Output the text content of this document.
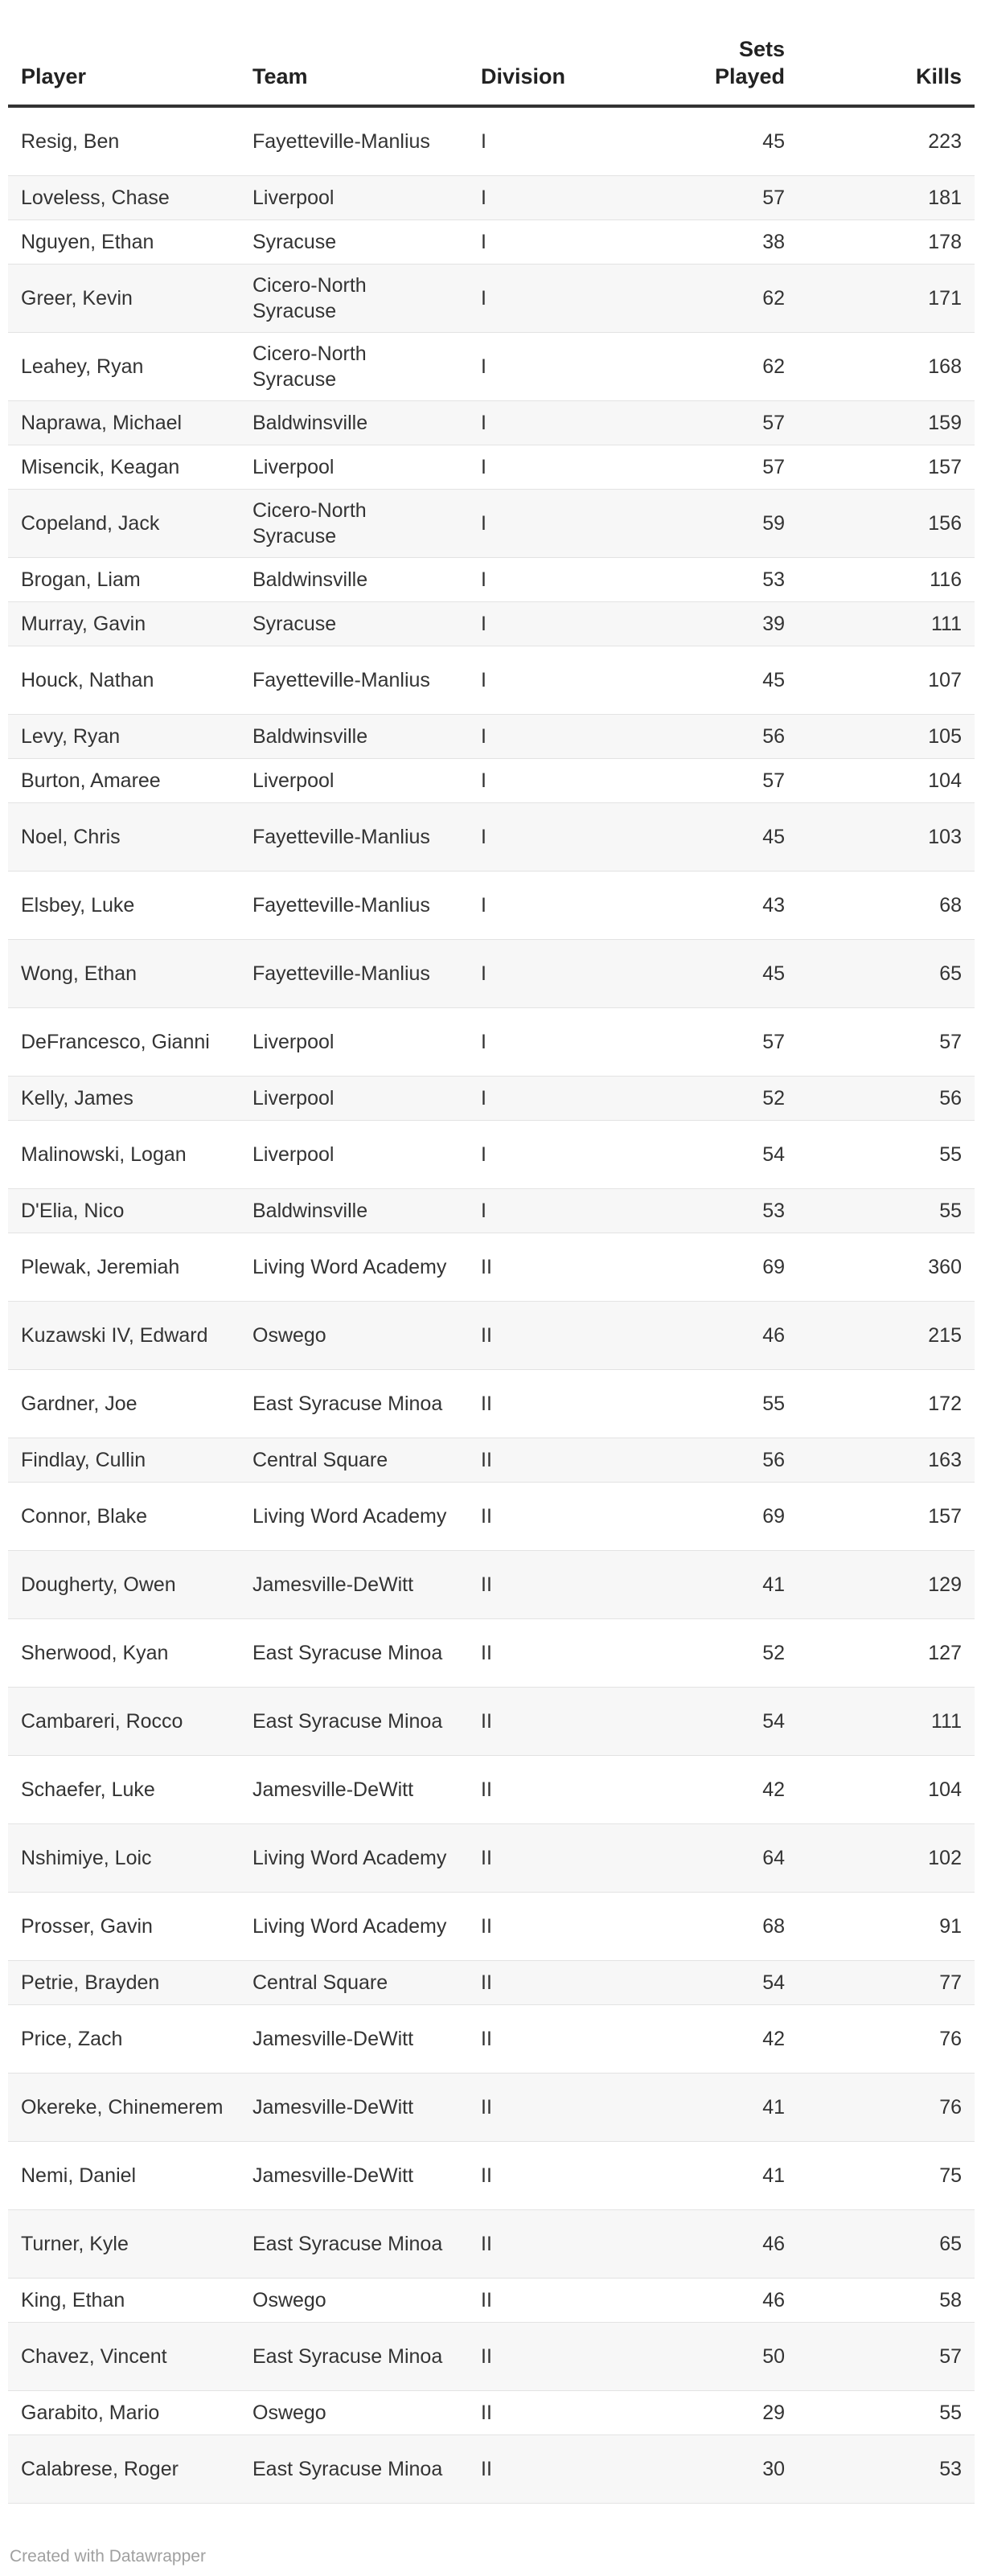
Player	Team	Division	Sets Played	Kills
Resig, Ben	Fayetteville-Manlius	I	45	223
Loveless, Chase	Liverpool	I	57	181
Nguyen, Ethan	Syracuse	I	38	178
Greer, Kevin	Cicero-North Syracuse	I	62	171
Leahey, Ryan	Cicero-North Syracuse	I	62	168
Naprawa, Michael	Baldwinsville	I	57	159
Misencik, Keagan	Liverpool	I	57	157
Copeland, Jack	Cicero-North Syracuse	I	59	156
Brogan, Liam	Baldwinsville	I	53	116
Murray, Gavin	Syracuse	I	39	111
Houck, Nathan	Fayetteville-Manlius	I	45	107
Levy, Ryan	Baldwinsville	I	56	105
Burton, Amaree	Liverpool	I	57	104
Noel, Chris	Fayetteville-Manlius	I	45	103
Elsbey, Luke	Fayetteville-Manlius	I	43	68
Wong, Ethan	Fayetteville-Manlius	I	45	65
DeFrancesco, Gianni	Liverpool	I	57	57
Kelly, James	Liverpool	I	52	56
Malinowski, Logan	Liverpool	I	54	55
D'Elia, Nico	Baldwinsville	I	53	55
Plewak, Jeremiah	Living Word Academy	II	69	360
Kuzawski IV, Edward	Oswego	II	46	215
Gardner, Joe	East Syracuse Minoa	II	55	172
Findlay, Cullin	Central Square	II	56	163
Connor, Blake	Living Word Academy	II	69	157
Dougherty, Owen	Jamesville-DeWitt	II	41	129
Sherwood, Kyan	East Syracuse Minoa	II	52	127
Cambareri, Rocco	East Syracuse Minoa	II	54	111
Schaefer, Luke	Jamesville-DeWitt	II	42	104
Nshimiye, Loic	Living Word Academy	II	64	102
Prosser, Gavin	Living Word Academy	II	68	91
Petrie, Brayden	Central Square	II	54	77
Price, Zach	Jamesville-DeWitt	II	42	76
Okereke, Chinemerem	Jamesville-DeWitt	II	41	76
Nemi, Daniel	Jamesville-DeWitt	II	41	75
Turner, Kyle	East Syracuse Minoa	II	46	65
King, Ethan	Oswego	II	46	58
Chavez, Vincent	East Syracuse Minoa	II	50	57
Garabito, Mario	Oswego	II	29	55
Calabrese, Roger	East Syracuse Minoa	II	30	53
Created with Datawrapper
